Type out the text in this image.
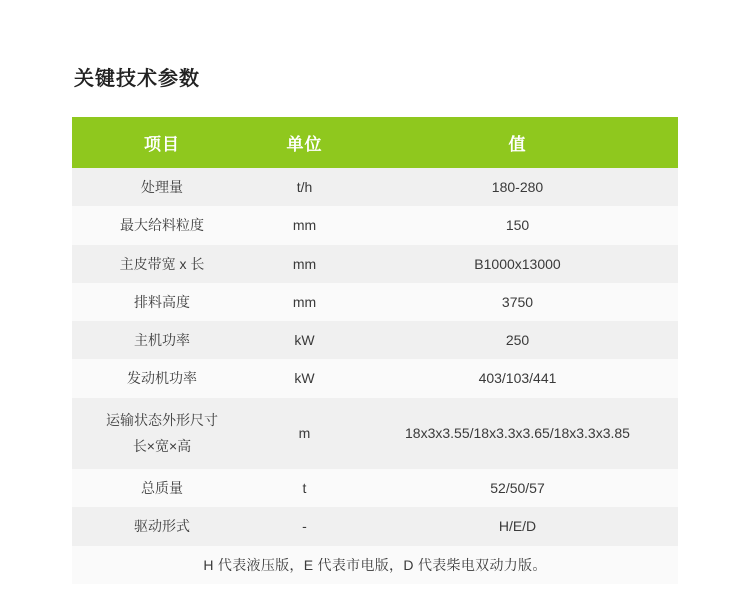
关键技术参数
项目	单位	值
处理量	t/h	180-280
最大给料粒度	mm	150
主皮带宽 x 长	mm	B1000x13000
排料高度	mm	3750
主机功率	kW	250
发动机功率	kW	403/103/441
运输状态外形尺寸
长×宽×高	m	18x3x3.55/18x3.3x3.65/18x3.3x3.85
总质量	t	52/50/57
驱动形式	-	H/E/D
H 代表液压版，E 代表市电版，D 代表柴电双动力版。		
